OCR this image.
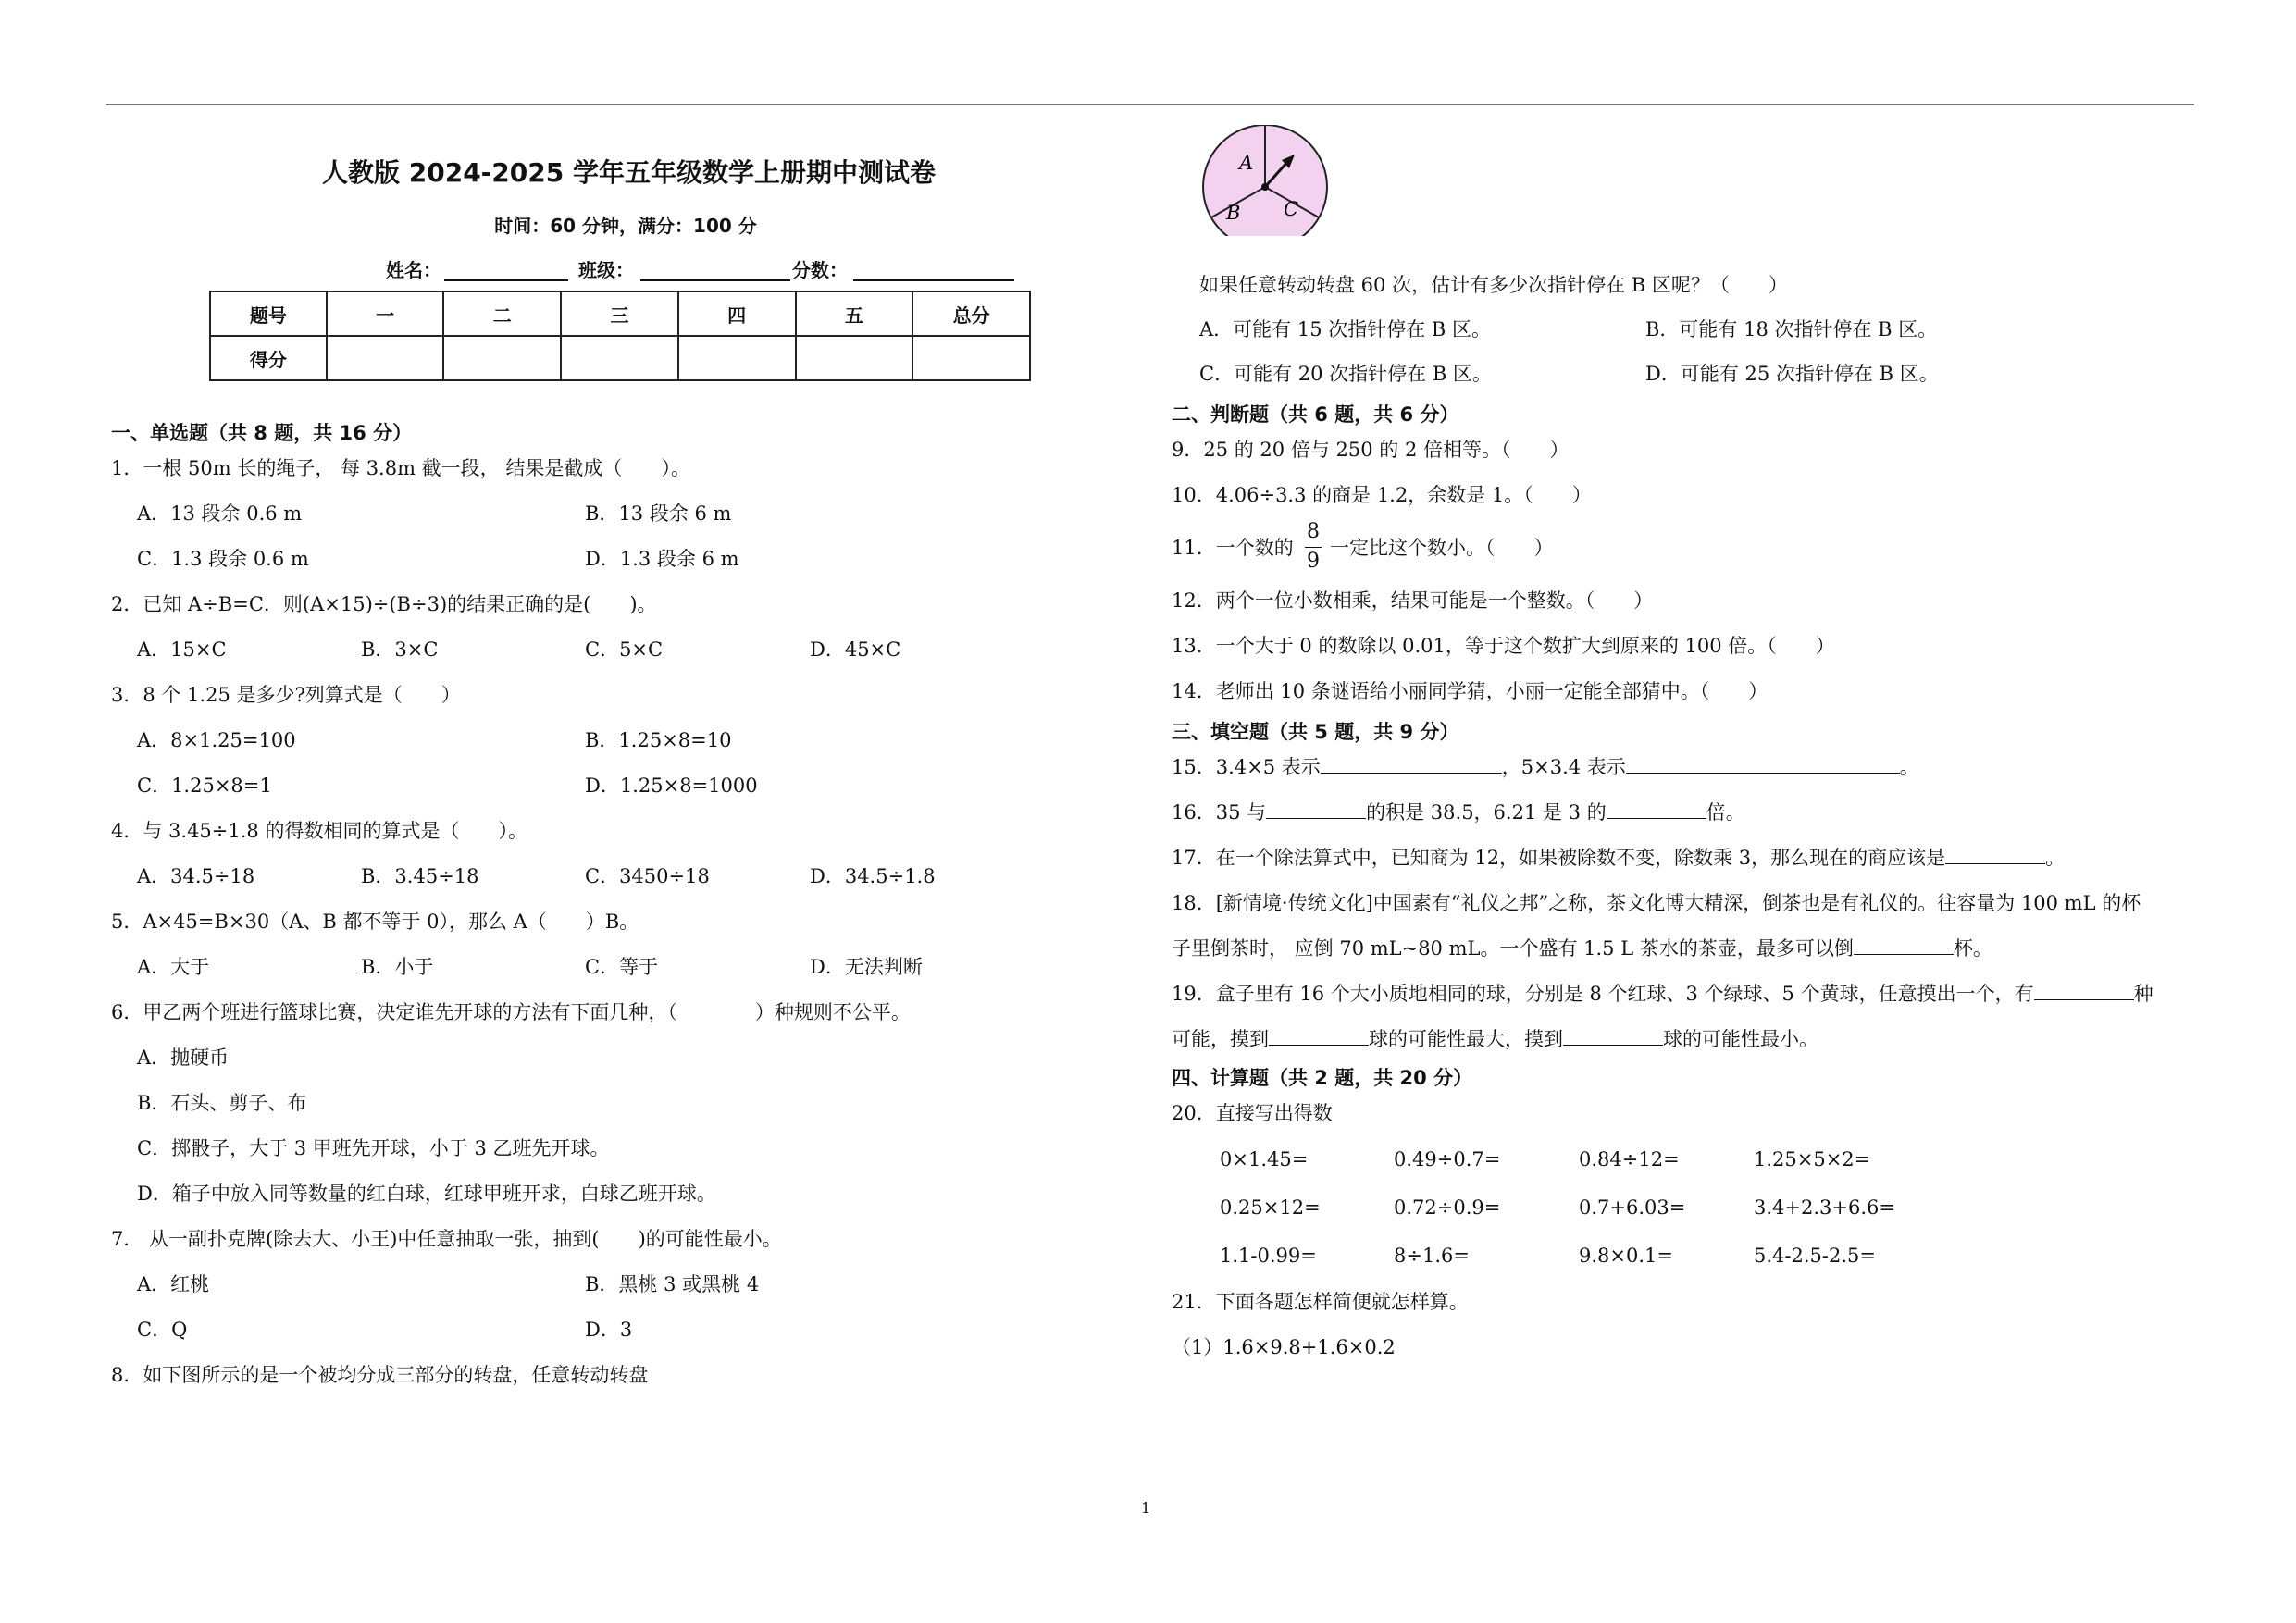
人教版 2024-2025 学年五年级数学上册期中测试卷
时间：60 分钟，满分：100 分
姓名：	班级：	分数：
题号	一	二	三	四	五	总分
得分						
一、单选题（共 8 题，共 16 分）
1．一根 50m 长的绳子， 每 3.8m 截一段， 结果是截成（　　）。
A．13 段余 0.6 m	B．13 段余 6 m
C．1.3 段余 0.6 m	D．1.3 段余 6 m
2．已知 A÷B=C．则(A×15)÷(B÷3)的结果正确的是(　　)。
A．15×C	B．3×C	C．5×C	D．45×C
3．8 个 1.25 是多少?列算式是（　　）
A．8×1.25=100	B．1.25×8=10
C．1.25×8=1	D．1.25×8=1000
4．与 3.45÷1.8 的得数相同的算式是（　　）。
A．34.5÷18	B．3.45÷18	C．3450÷18	D．34.5÷1.8
5．A×45=B×30（A、B 都不等于 0），那么 A（　　）B。
A．大于	B．小于	C．等于	D．无法判断
6．甲乙两个班进行篮球比赛，决定谁先开球的方法有下面几种，（　　　　）种规则不公平。
A．抛硬币
B．石头、剪子、布
C．掷骰子，大于 3 甲班先开球，小于 3 乙班先开球。
D．箱子中放入同等数量的红白球，红球甲班开求，白球乙班开球。
7． 从一副扑克牌(除去大、小王)中任意抽取一张，抽到(　　)的可能性最小。
A．红桃	B．黑桃 3 或黑桃 4
C．Q	D．3
8．如下图所示的是一个被均分成三部分的转盘，任意转动转盘
A
B C
如果任意转动转盘 60 次，估计有多少次指针停在 B 区呢？（　　）
A．可能有 15 次指针停在 B 区。	B．可能有 18 次指针停在 B 区。
C．可能有 20 次指针停在 B 区。	D．可能有 25 次指针停在 B 区。
二、判断题（共 6 题，共 6 分）
9．25 的 20 倍与 250 的 2 倍相等。（　　）
10．4.06÷3.3 的商是 1.2，余数是 1。（　　）
11．一个数的
8
9
一定比这个数小。（　　）
12．两个一位小数相乘，结果可能是一个整数。（　　）
13．一个大于 0 的数除以 0.01，等于这个数扩大到原来的 100 倍。（　　）
14．老师出 10 条谜语给小丽同学猜，小丽一定能全部猜中。（　　）
三、填空题（共 5 题，共 9 分）
15．3.4×5 表示	，5×3.4 表示	。
16．35 与	的积是 38.5，6.21 是 3 的	倍。
17．在一个除法算式中，已知商为 12，如果被除数不变，除数乘 3，那么现在的商应该是	。
18．[新情境·传统文化]中国素有“礼仪之邦”之称，茶文化博大精深，倒茶也是有礼仪的。往容量为 100 mL 的杯
子里倒茶时， 应倒 70 mL~80 mL。一个盛有 1.5 L 茶水的茶壶，最多可以倒	杯。
19．盒子里有 16 个大小质地相同的球，分别是 8 个红球、3 个绿球、5 个黄球，任意摸出一个，有	种
可能，摸到	球的可能性最大，摸到	球的可能性最小。
四、计算题（共 2 题，共 20 分）
20．直接写出得数
0×1.45=	0.49÷0.7=	0.84÷12=	1.25×5×2=
0.25×12=	0.72÷0.9=	0.7+6.03=	3.4+2.3+6.6=
1.1-0.99=	8÷1.6=	9.8×0.1=	5.4-2.5-2.5=
21．下面各题怎样简便就怎样算。
（1）1.6×9.8+1.6×0.2
1
